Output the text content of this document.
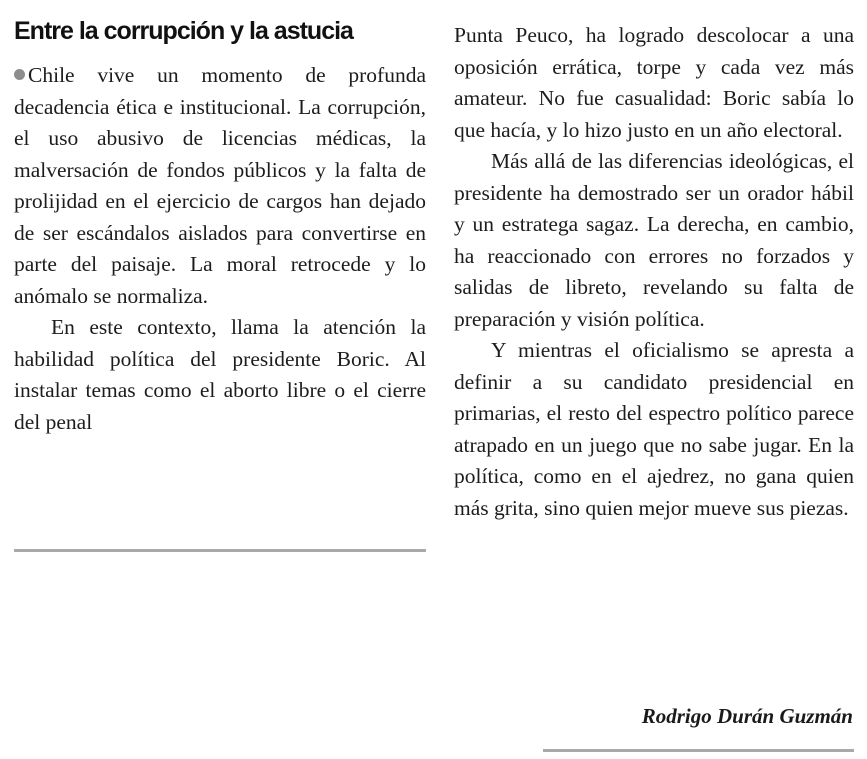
Entre la corrupción y la astucia

Chile vive un momento de profunda decadencia ética e institucional. La corrupción, el uso abusivo de licencias médicas, la malversación de fondos públicos y la falta de prolijidad en el ejercicio de cargos han dejado de ser escándalos aislados para convertirse en parte del paisaje. La moral retrocede y lo anómalo se normaliza.

En este contexto, llama la atención la habilidad política del presidente Boric. Al instalar temas como el aborto libre o el cierre del penal

Punta Peuco, ha logrado descolocar a una oposición errática, torpe y cada vez más amateur. No fue casualidad: Boric sabía lo que hacía, y lo hizo justo en un año electoral.

Más allá de las diferencias ideológicas, el presidente ha demostrado ser un orador hábil y un estratega sagaz. La derecha, en cambio, ha reaccionado con errores no forzados y salidas de libreto, revelando su falta de preparación y visión política.

Y mientras el oficialismo se apresta a definir a su candidato presidencial en primarias, el resto del espectro político parece atrapado en un juego que no sabe jugar. En la política, como en el ajedrez, no gana quien más grita, sino quien mejor mueve sus piezas.

Rodrigo Durán Guzmán
